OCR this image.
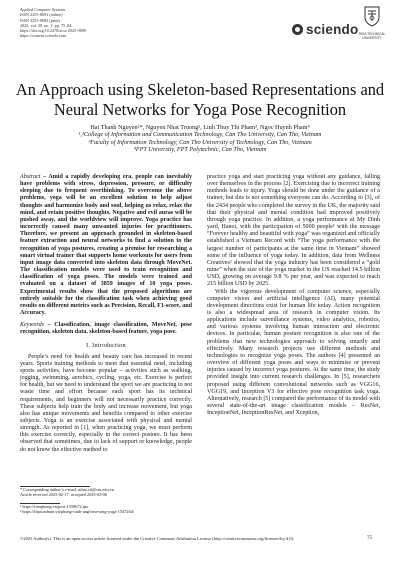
Applied Computer Systems
ISSN 2255-8691 (online)
ISSN 2255-8683 (print)
2025, vol. 30, no. 1, pp. 75–84
https://doi.org/10.2478/acss-2025-0009
https://content.sciendo.com	sciendo RIGA TECHNICAL UNIVERSITY
An Approach using Skeleton-based Representations and Neural Networks for Yoga Pose Recognition
Hai Thanh Nguyen¹*, Nguyen Nhat Truong², Linh Thuy Thi Pham³, Ngoc Huynh Pham⁴
¹,²College of Information and Communication Technology, Can Tho University, Can Tho, Vietnam
³Faculty of Information Technology, Can Tho University of Technology, Can Tho, Vietnam
⁴FPT University, FPT Polytechnic, Can Tho, Vietnam
Abstract – Amid a rapidly developing era, people can inevitably have problems with stress, depression, pressure, or difficulty sleeping due to frequent overthinking. To overcome the above problems, yoga will be an excellent solution to help adjust thoughts and harmonize body and soul, helping us relax, relax the mind, and retain positive thoughts. Negative and evil auras will be pushed away, and the worldview will improve. Yoga practice has incorrectly caused many unwanted injuries for practitioners. Therefore, we present an approach grounded in skeleton-based feature extraction and neural networks to find a solution to the recognition of yoga postures, creating a premise for researching a smart virtual trainer that supports home workouts for users from input image data converted into skeleton data through MoveNet. The classification models were used to train recognition and classification of yoga poses. The models were trained and evaluated on a dataset of 3859 images of 10 yoga poses. Experimental results show that the proposed algorithms are entirely suitable for the classification task when achieving good results on different metrics such as Precision, Recall, F1-score, and Accuracy.
Keywords – Classification, image classification, MoveNet, pose recognition, skeleton data, skeleton-based feature, yoga pose.
I. Introduction
People’s need for health and beauty care has increased in recent years. Sports training methods to meet that essential need, including sports activities, have become popular – activities such as walking, jogging, swimming, aerobics, cycling, yoga, etc. Exercise is perfect for health, but we need to understand the sport we are practicing to not waste time and effort because each sport has its technical requirements, and beginners will not necessarily practice correctly. These subjects help train the body and increase movement, but yoga also has unique movements and benefits compared to other exercise subjects. Yoga is an exercise associated with physical and mental strength. As reported in [1], when practicing yoga, we must perform this exercise correctly, especially in the correct posture. It has been observed that sometimes, due to lack of support or knowledge, people do not know the effective method to
* Corresponding author’s e-mail: nthai.cit@ctu.edu.vn
Article received 2025-02-17, accepted 2025-03-06
¹ https://tienphong.vn/post-1559672.tpo
² https://thpsoadmin.vn/phong-canh-ung/tieu-vang-yoga-1547264/
practice yoga and start practicing yoga without any guidance, falling over themselves in the process [2]. Exercising due to incorrect training methods leads to injury. Yoga should be done under the guidance of a trainer, but this is not something everyone can do. According to [3], of the 2434 people who completed the survey in the UK, the majority said that their physical and mental condition had improved positively through yoga practice. In addition, a yoga performance at My Dinh yard, Hanoi, with the participation of 5000 people¹ with the message “Forever healthy and beautiful with yoga” was organized and officially established a Vietnam Record with “The yoga performance with the largest number of participants at the same time in Vietnam” showed some of the influence of yoga today. In addition, data from Wellness Creatives² showed that the yoga industry has been considered a “gold mine” when the size of the yoga market in the US reached 14.5 billion USD, growing on average 9.8 % per year, and was expected to reach 215 billion USD by 2025.
With the vigorous development of computer science, especially computer vision and artificial intelligence (AI), many potential development directions exist for human life today. Action recognition is also a widespread area of research in computer vision. Its applications include surveillance systems, video analytics, robotics, and various systems involving human interaction and electronic devices. In particular, human posture recognition is also one of the problems that new technologies approach to solving smartly and effectively. Many research projects use different methods and technologies to recognize yoga poses. The authors [4] presented an overview of different yoga poses and ways to minimise or prevent injuries caused by incorrect yoga postures. At the same time, the study provided insight into current research challenges. In [5], researchers proposed using different convolutional networks such as VGG16, VGG19, and Inception V3 for effective pose recognition task yoga. Alternatively, research [5] compared the performance of its model with several state-of-the-art image classification models – ResNet, InceptionNet, InceptionResNet, and Xception,
©2025 Author(s). This is an open access article licensed under the Creative Commons Attribution License (http://creativecommons.org/licenses/by/4.0).	75
